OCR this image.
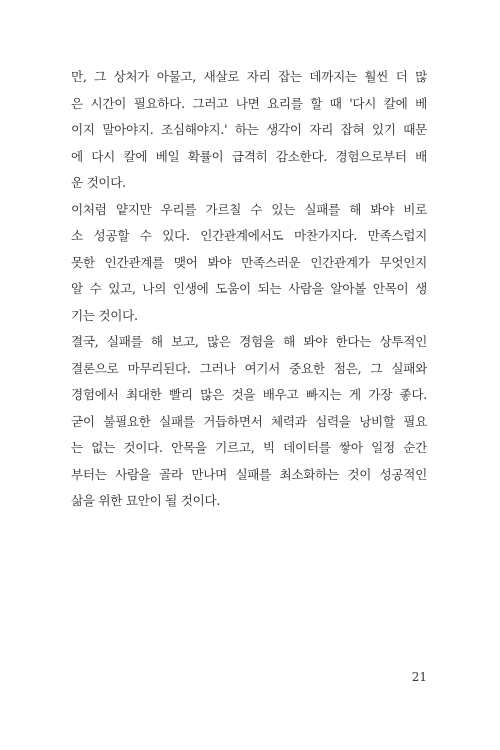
만, 그 상처가 아물고, 새살로 자리 잡는 데까지는 훨씬 더 많
은 시간이 필요하다. 그러고 나면 요리를 할 때 '다시 칼에 베
이지 말아야지. 조심해야지.' 하는 생각이 자리 잡혀 있기 때문
에 다시 칼에 베일 확률이 급격히 감소한다. 경험으로부터 배
운 것이다.
이처럼 얕지만 우리를 가르칠 수 있는 실패를 해 봐야 비로
소 성공할 수 있다. 인간관계에서도 마찬가지다. 만족스럽지
못한 인간관계를 맺어 봐야 만족스러운 인간관계가 무엇인지
알 수 있고, 나의 인생에 도움이 되는 사람을 알아볼 안목이 생
기는 것이다.
결국, 실패를 해 보고, 많은 경험을 해 봐야 한다는 상투적인
결론으로 마무리된다. 그러나 여기서 중요한 점은, 그 실패와
경험에서 최대한 빨리 많은 것을 배우고 빠지는 게 가장 좋다.
굳이 불필요한 실패를 거듭하면서 체력과 심력을 낭비할 필요
는 없는 것이다. 안목을 기르고, 빅 데이터를 쌓아 일정 순간
부터는 사람을 골라 만나며 실패를 최소화하는 것이 성공적인
삶을 위한 묘안이 될 것이다.
21
